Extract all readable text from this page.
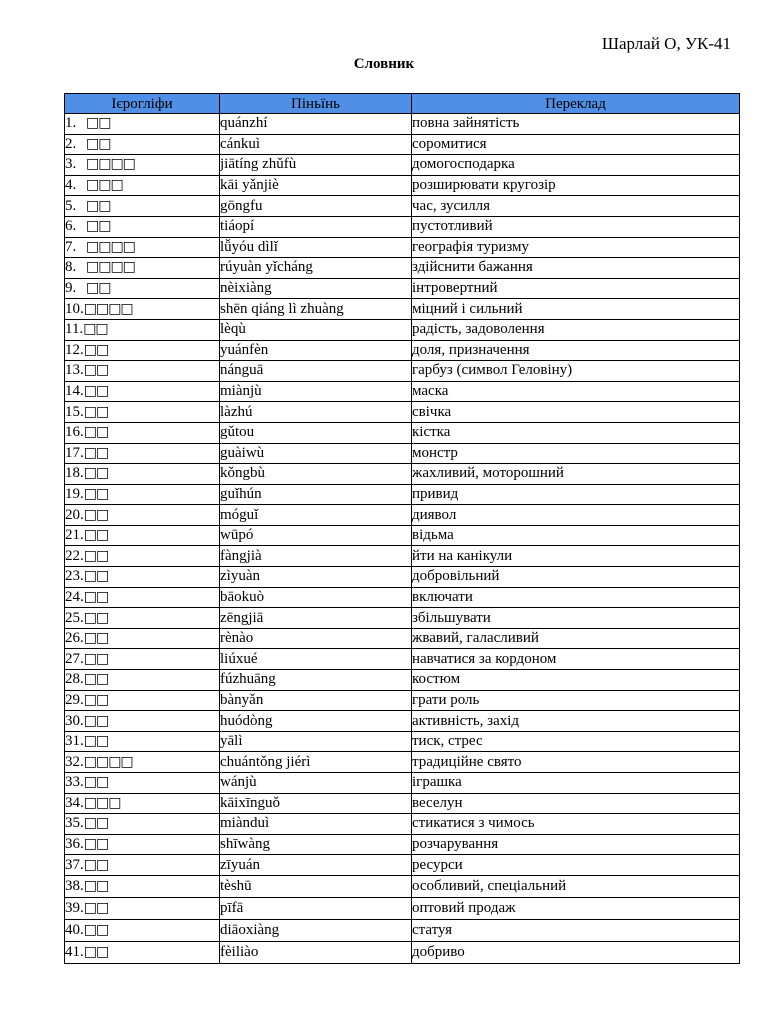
Шарлай О, УК-41
Словник
Ієрогліфи	Піньїнь	Переклад
1. □□	quánzhí	повна зайнятість
2. □□	cánkuì	соромитися
3. □□□□	jiātíng zhǔfù	домогосподарка
4. □□□	kāi yǎnjiè	розширювати кругозір
5. □□	gōngfu	час, зусилля
6. □□	tiáopí	пустотливий
7. □□□□	lǚyóu dìlǐ	географія туризму
8. □□□□	rúyuàn yǐcháng	здійснити бажання
9. □□	nèixiàng	інтровертний
10.□□□□	shēn qiáng lì zhuàng	міцний і сильний
11.□□	lèqù	радість, задоволення
12.□□	yuánfèn	доля, призначення
13.□□	nánguā	гарбуз (символ Геловіну)
14.□□	miànjù	маска
15.□□	làzhú	свічка
16.□□	gǔtou	кістка
17.□□	guàiwù	монстр
18.□□	kǒngbù	жахливий, моторошний
19.□□	guǐhún	привид
20.□□	móguǐ	диявол
21.□□	wūpó	відьма
22.□□	fàngjià	йти на канікули
23.□□	zìyuàn	добровільний
24.□□	bāokuò	включати
25.□□	zēngjiā	збільшувати
26.□□	rènào	жвавий, галасливий
27.□□	liúxué	навчатися за кордоном
28.□□	fúzhuāng	костюм
29.□□	bànyǎn	грати роль
30.□□	huódòng	активність, захід
31.□□	yālì	тиск, стрес
32.□□□□	chuántǒng jiérì	традиційне свято
33.□□	wánjù	іграшка
34.□□□	kāixīnguǒ	веселун
35.□□	miànduì	стикатися з чимось
36.□□	shīwàng	розчарування
37.□□	zīyuán	ресурси
38.□□	tèshū	особливий, спеціальний
39.□□	pīfā	оптовий продаж
40.□□	diāoxiàng	статуя
41.□□	fèiliào	добриво
